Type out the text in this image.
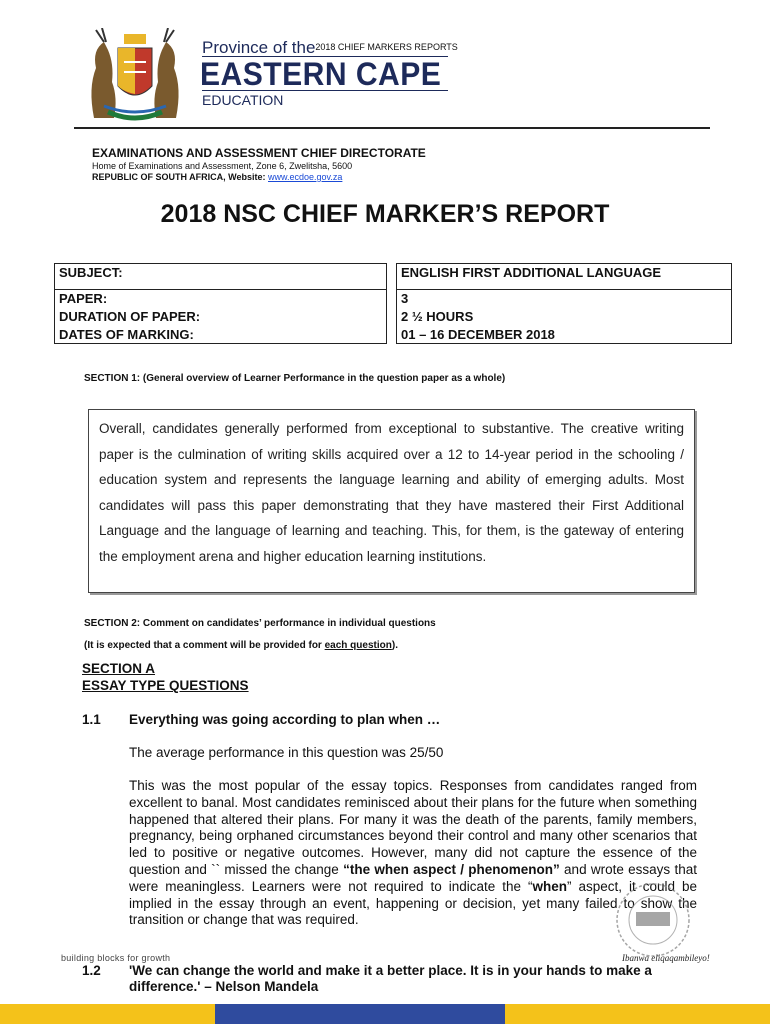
Province of the2018 CHIEF MARKERS REPORTS
EASTERN CAPE
EDUCATION
EXAMINATIONS AND ASSESSMENT CHIEF DIRECTORATE
Home of Examinations and Assessment, Zone 6, Zwelitsha, 5600
REPUBLIC OF SOUTH AFRICA, Website: www.ecdoe.gov.za
2018 NSC CHIEF MARKER’S REPORT
SUBJECT:		ENGLISH FIRST ADDITIONAL LANGUAGE
PAPER:		3
DURATION OF PAPER:		2 ½ HOURS
DATES OF MARKING:		01 – 16 DECEMBER 2018
SECTION 1: (General overview of Learner Performance in the question paper as a whole)
Overall, candidates generally performed from exceptional to substantive. The creative writing paper is the culmination of writing skills acquired over a 12 to 14-year period in the schooling / education system and represents the language learning and ability of emerging adults. Most candidates will pass this paper demonstrating that they have mastered their First Additional Language and the language of learning and teaching. This, for them, is the gateway of entering the employment arena and higher education learning institutions.
SECTION 2: Comment on candidates’ performance in individual questions
(It is expected that a comment will be provided for each question).
SECTION A
ESSAY TYPE QUESTIONS
1.1 Everything was going according to plan when …
The average performance in this question was 25/50
This was the most popular of the essay topics. Responses from candidates ranged from excellent to banal. Most candidates reminisced about their plans for the future when something happened that altered their plans. For many it was the death of the parents, family members, pregnancy, being orphaned circumstances beyond their control and many other scenarios that led to positive or negative outcomes. However, many did not capture the essence of the question and `` missed the change “the when aspect / phenomenon” and wrote essays that were meaningless. Learners were not required to indicate the “when” aspect, it could be implied in the essay through an event, happening or decision, yet many failed to show the transition or change that was required.
building blocks for growth	Ibanwa eliqaqambileyo!
1.2 'We can change the world and make it a better place. It is in your hands to make a difference.' – Nelson Mandela
